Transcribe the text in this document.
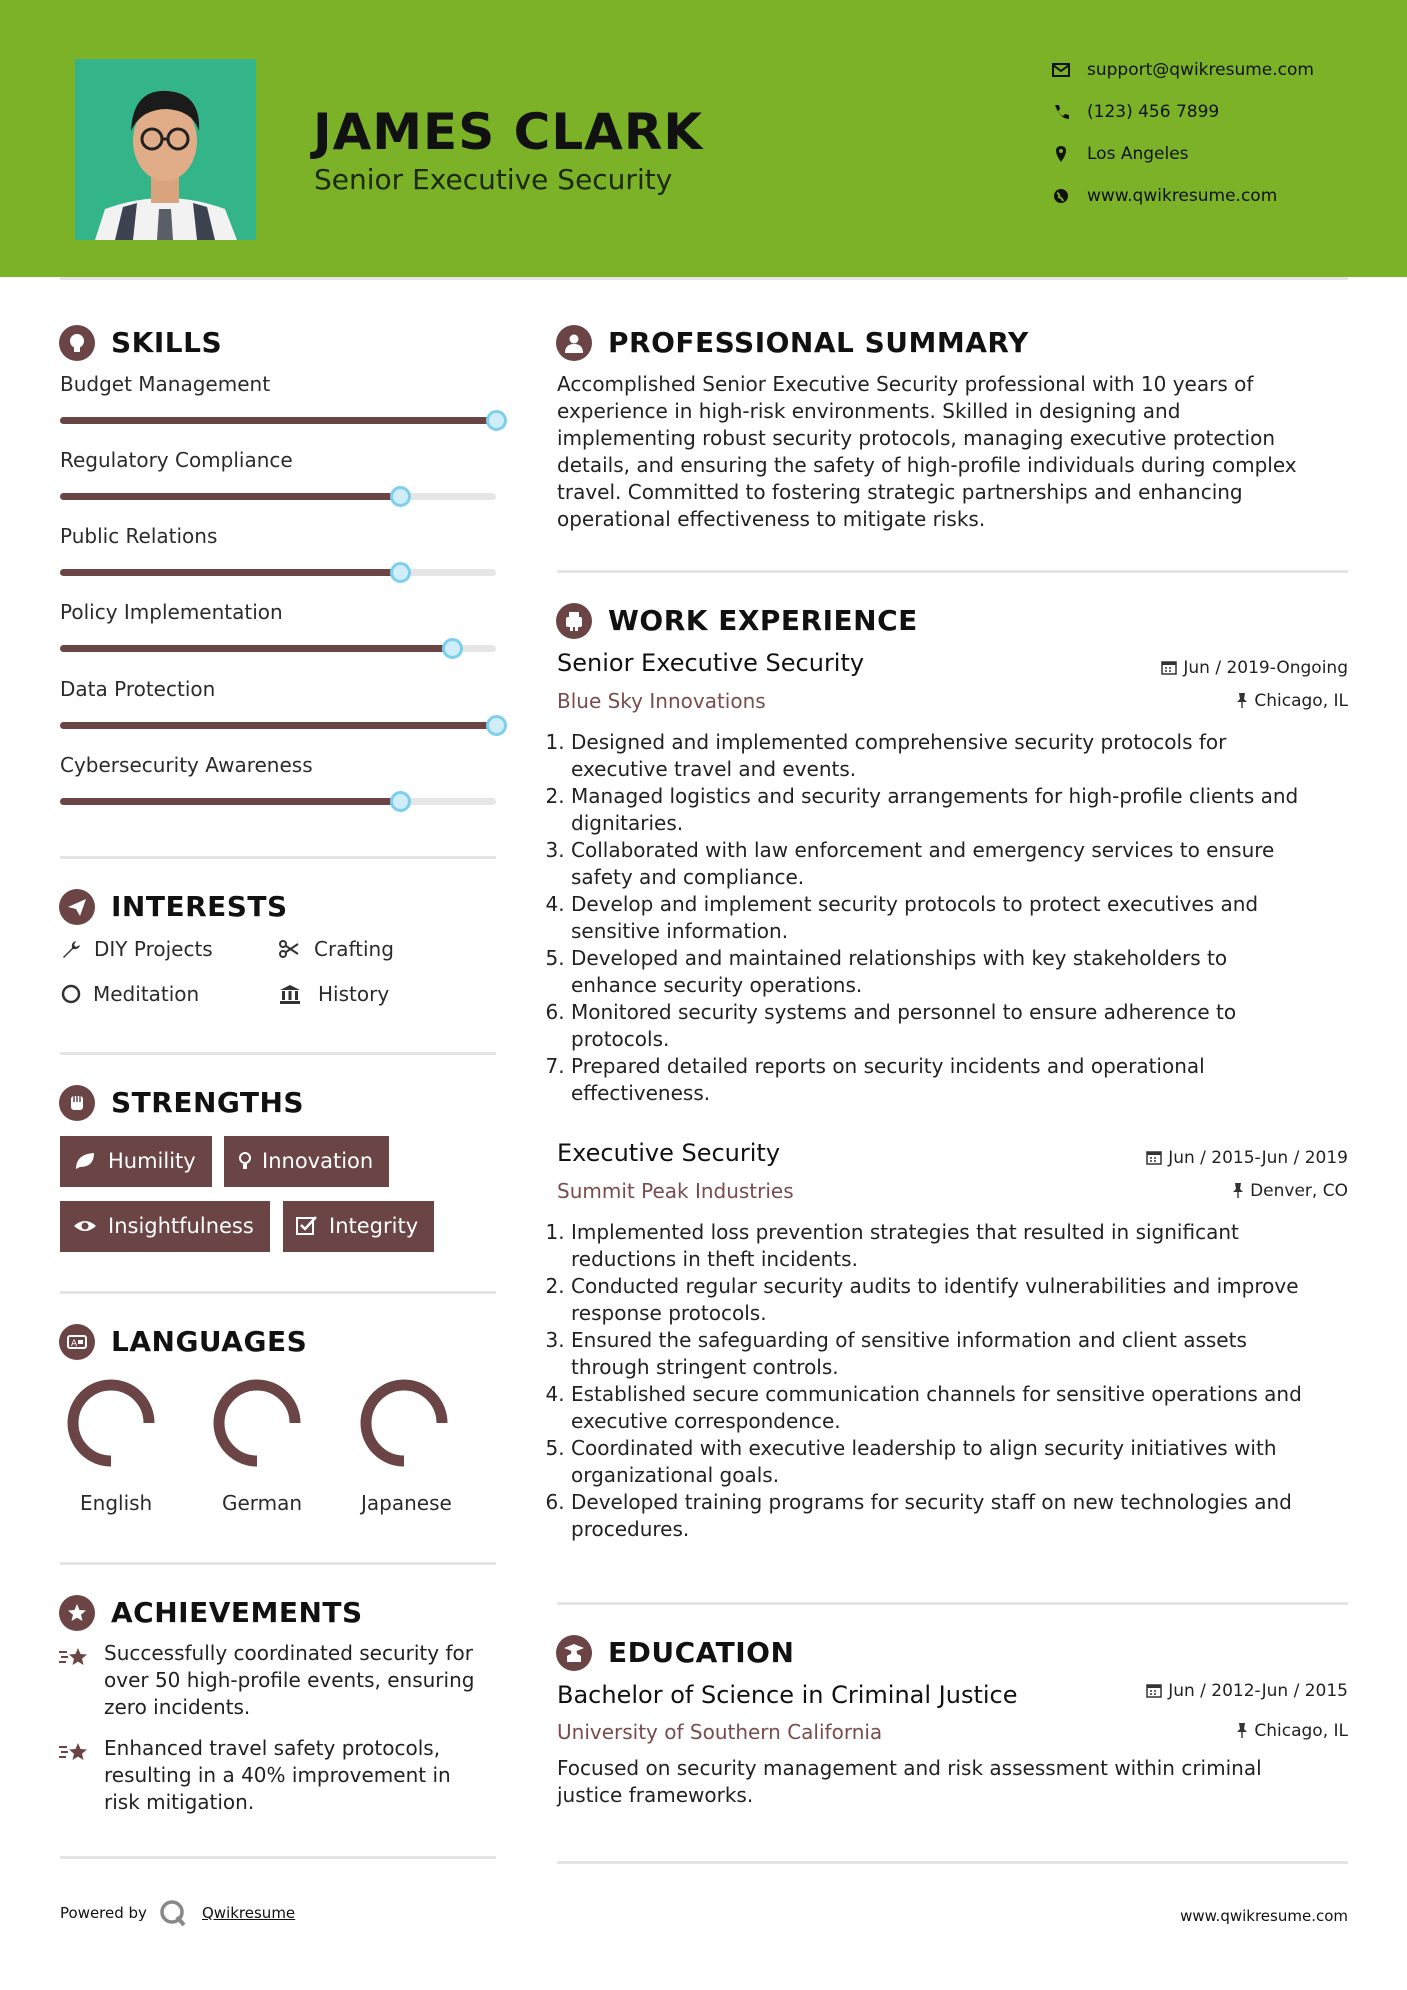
JAMES CLARK
Senior Executive Security
support@qwikresume.com
(123) 456 7899
Los Angeles
www.qwikresume.com
SKILLS
Budget Management
Regulatory Compliance
Public Relations
Policy Implementation
Data Protection
Cybersecurity Awareness
INTERESTS
DIY Projects	Crafting
Meditation	History
STRENGTHS
Humility	Innovation
Insightfulness	Integrity
A LANGUAGES
English	German	Japanese
ACHIEVEMENTS
Successfully coordinated security for
over 50 high-profile events, ensuring
zero incidents.
Enhanced travel safety protocols,
resulting in a 40% improvement in
risk mitigation.
PROFESSIONAL SUMMARY
Accomplished Senior Executive Security professional with 10 years of
experience in high-risk environments. Skilled in designing and
implementing robust security protocols, managing executive protection
details, and ensuring the safety of high-profile individuals during complex
travel. Committed to fostering strategic partnerships and enhancing
operational effectiveness to mitigate risks.
WORK EXPERIENCE
Senior Executive Security	Jun / 2019-Ongoing
Blue Sky Innovations	Chicago, IL
1. Designed and implemented comprehensive security protocols for
executive travel and events.
2. Managed logistics and security arrangements for high-profile clients and
dignitaries.
3. Collaborated with law enforcement and emergency services to ensure
safety and compliance.
4. Develop and implement security protocols to protect executives and
sensitive information.
5. Developed and maintained relationships with key stakeholders to
enhance security operations.
6. Monitored security systems and personnel to ensure adherence to
protocols.
7. Prepared detailed reports on security incidents and operational
effectiveness.
Executive Security	Jun / 2015-Jun / 2019
Summit Peak Industries	Denver, CO
1. Implemented loss prevention strategies that resulted in significant
reductions in theft incidents.
2. Conducted regular security audits to identify vulnerabilities and improve
response protocols.
3. Ensured the safeguarding of sensitive information and client assets
through stringent controls.
4. Established secure communication channels for sensitive operations and
executive correspondence.
5. Coordinated with executive leadership to align security initiatives with
organizational goals.
6. Developed training programs for security staff on new technologies and
procedures.
EDUCATION
Bachelor of Science in Criminal Justice	Jun / 2012-Jun / 2015
University of Southern California	Chicago, IL
Focused on security management and risk assessment within criminal
justice frameworks.
Powered by	Qwikresume	www.qwikresume.com
